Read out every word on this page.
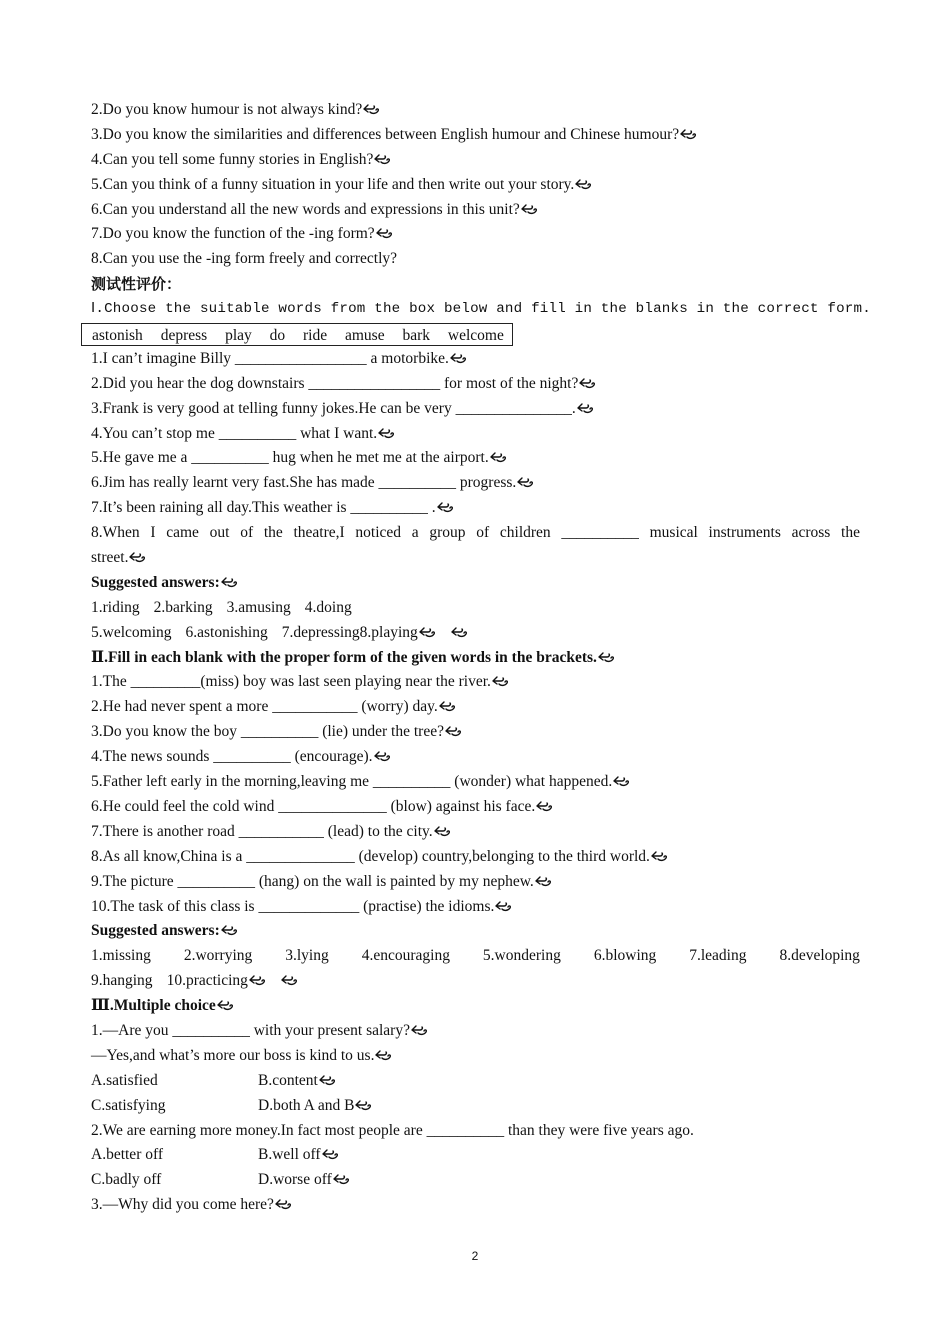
2.Do you know humour is not always kind?
3.Do you know the similarities and differences between English humour and Chinese humour?
4.Can you tell some funny stories in English?
5.Can you think of a funny situation in your life and then write out your story.
6.Can you understand all the new words and expressions in this unit?
7.Do you know the function of the -ing form?
8.Can you use the -ing form freely and correctly?
测试性评价：
Ⅰ.Choose the suitable words from the box below and fill in the blanks in the correct form.
astonish depress play do ride amuse bark welcome
1.I can’t imagine Billy _________________ a motorbike.
2.Did you hear the dog downstairs _________________ for most of the night?
3.Frank is very good at telling funny jokes.He can be very _______________.
4.You can’t stop me __________ what I want.
5.He gave me a __________ hug when he met me at the airport.
6.Jim has really learnt very fast.She has made __________ progress.
7.It’s been raining all day.This weather is __________ .
8.When I came out of the theatre,I noticed a group of children __________ musical instruments across the
street.
Suggested answers:
1.riding 2.barking 3.amusing 4.doing
5.welcoming 6.astonishing 7.depressing8.playing
Ⅱ.Fill in each blank with the proper form of the given words in the brackets.
1.The _________(miss) boy was last seen playing near the river.
2.He had never spent a more ___________ (worry) day.
3.Do you know the boy __________ (lie) under the tree?
4.The news sounds __________ (encourage).
5.Father left early in the morning,leaving me __________ (wonder) what happened.
6.He could feel the cold wind ______________ (blow) against his face.
7.There is another road ___________ (lead) to the city.
8.As all know,China is a ______________ (develop) country,belonging to the third world.
9.The picture __________ (hang) on the wall is painted by my nephew.
10.The task of this class is _____________ (practise) the idioms.
Suggested answers:
1.missing 2.worrying 3.lying 4.encouraging 5.wondering 6.blowing 7.leading 8.developing
9.hanging 10.practicing
Ⅲ.Multiple choice
1.—Are you __________ with your present salary?
—Yes,and what’s more our boss is kind to us.
A.satisfied	B.content
C.satisfying	D.both A and B
2.We are earning more money.In fact most people are __________ than they were five years ago.
A.better off	B.well off
C.badly off	D.worse off
3.—Why did you come here?
2
